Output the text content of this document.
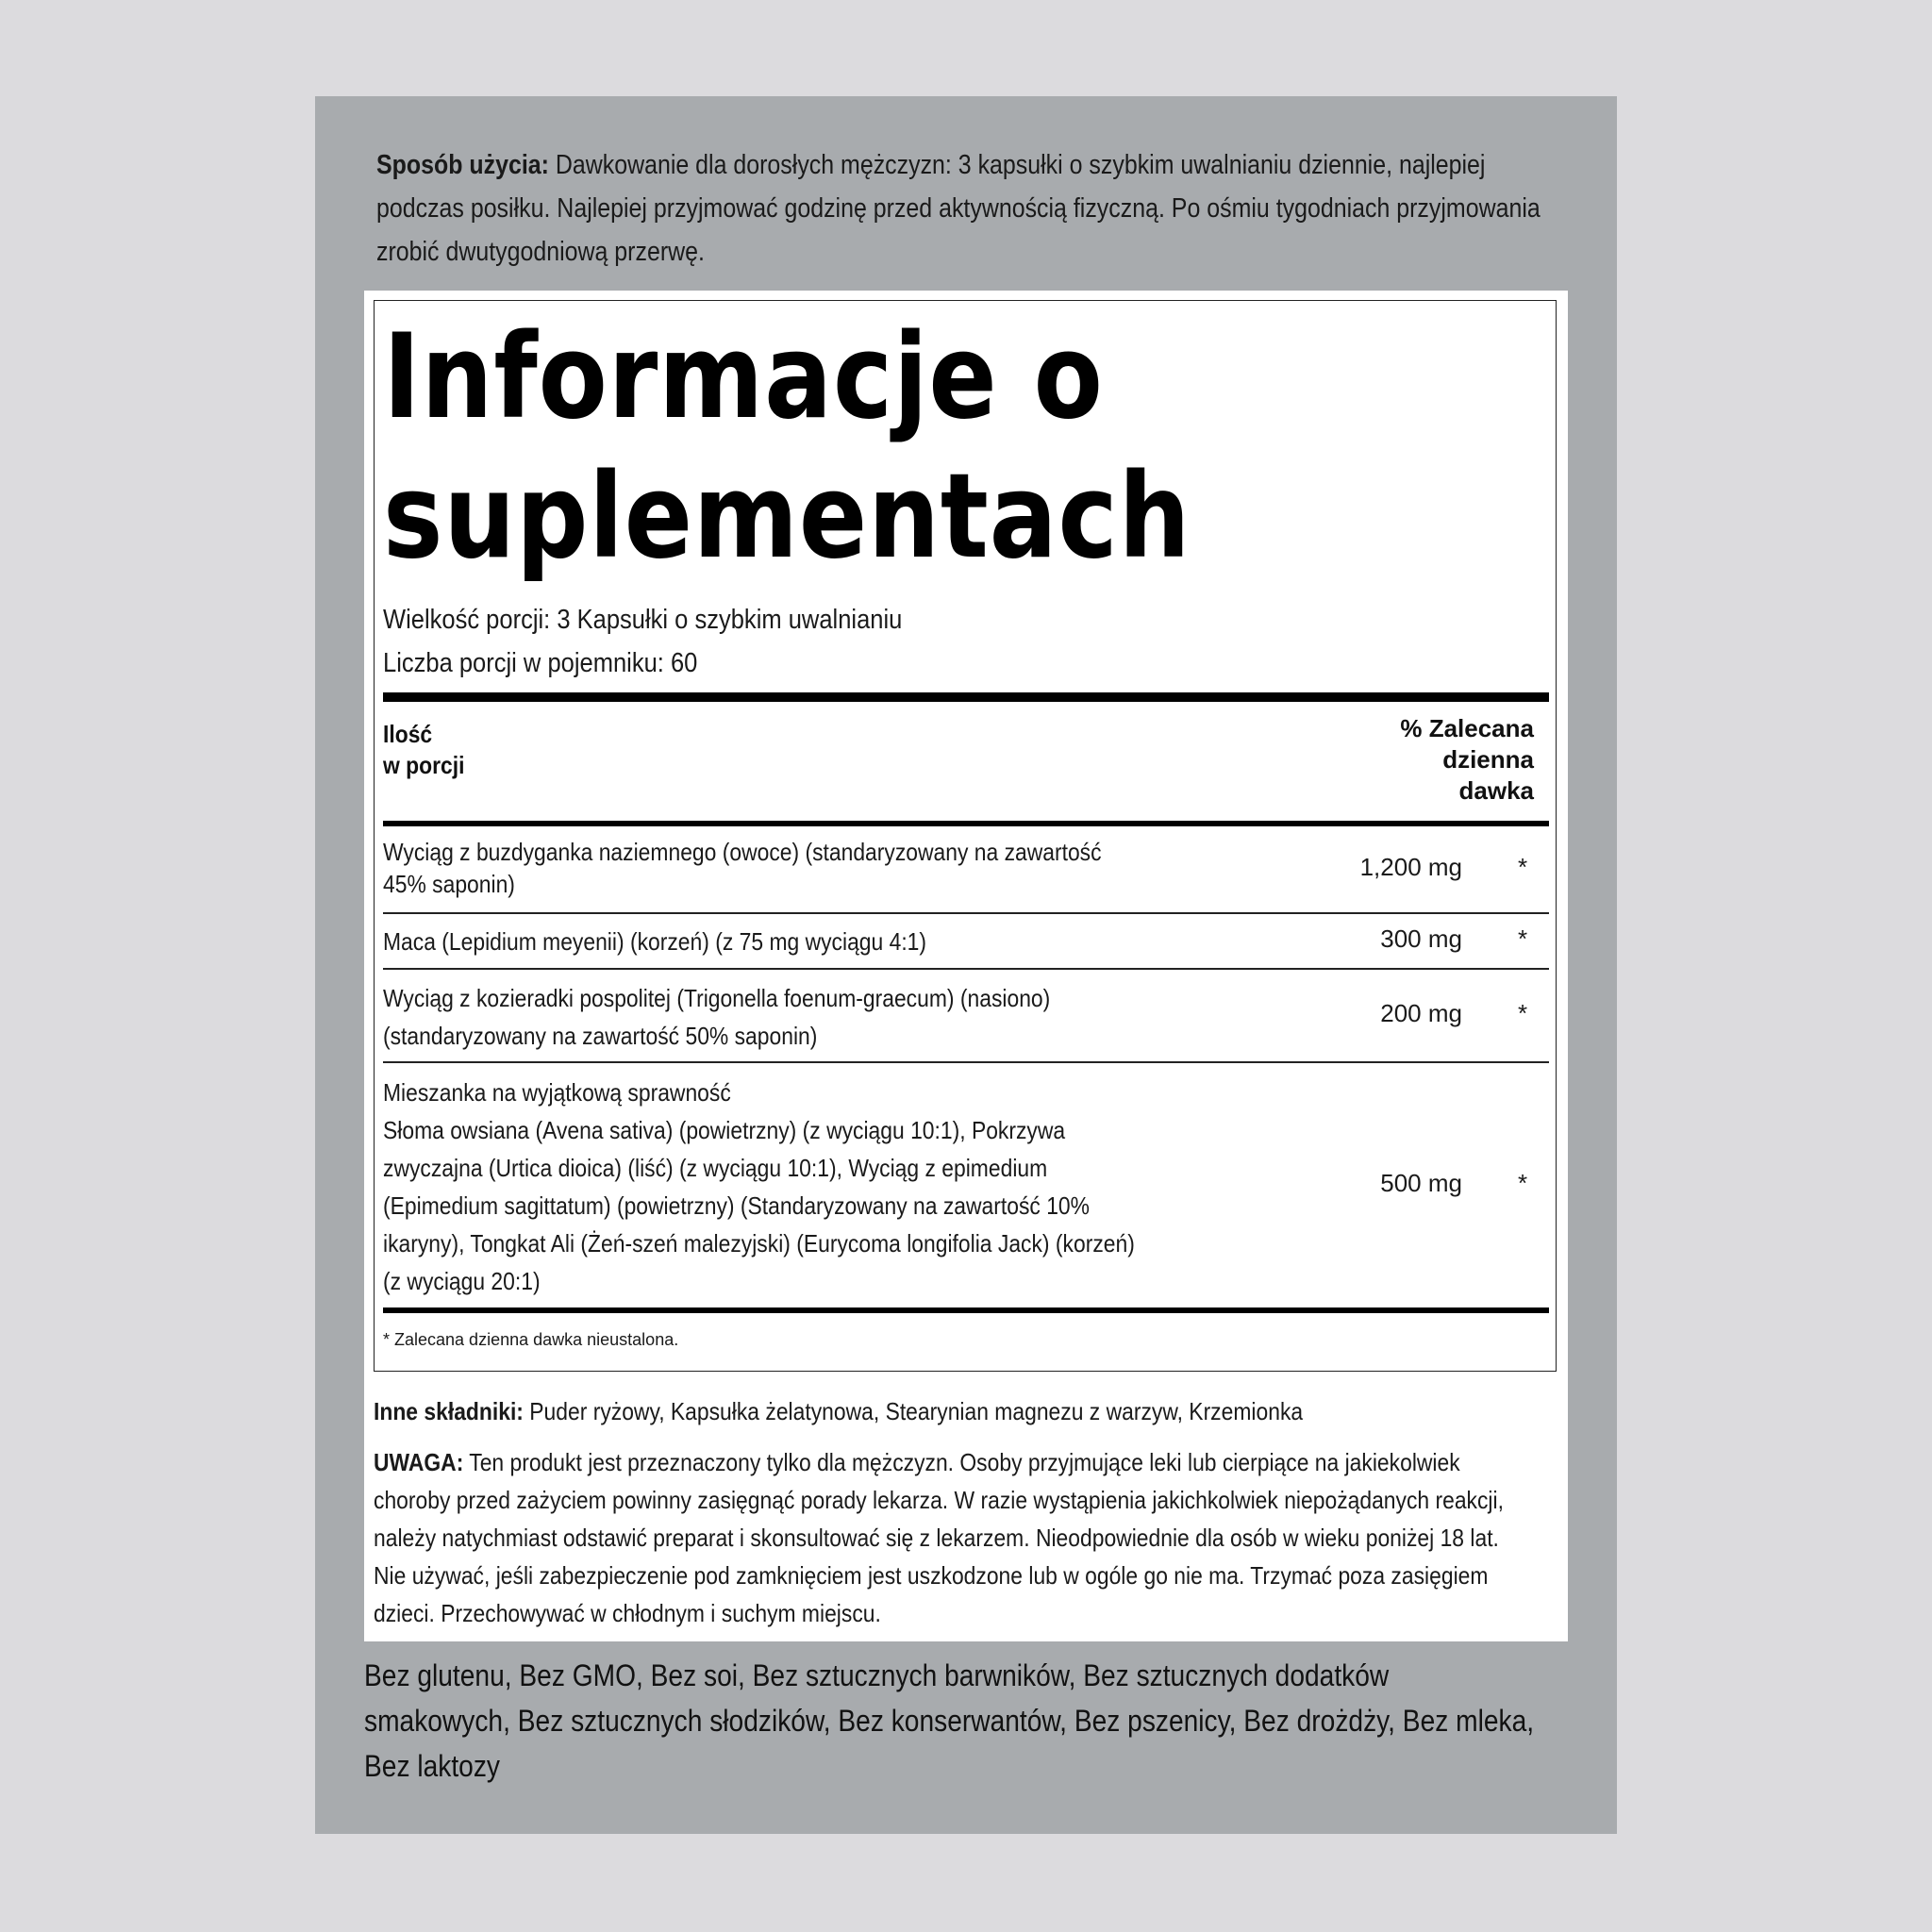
Sposób użycia: Dawkowanie dla dorosłych mężczyzn: 3 kapsułki o szybkim uwalnianiu dziennie, najlepiej podczas posiłku. Najlepiej przyjmować godzinę przed aktywnością fizyczną. Po ośmiu tygodniach przyjmowania zrobić dwutygodniową przerwę.
Informacje o
suplementach
Wielkość porcji: 3 Kapsułki o szybkim uwalnianiu
Liczba porcji w pojemniku: 60
Ilość
w porcji
% Zalecana
dzienna
dawka
Wyciąg z buzdyganka naziemnego (owoce) (standaryzowany na zawartość
45% saponin)
1,200 mg	*
Maca (Lepidium meyenii) (korzeń) (z 75 mg wyciągu 4:1)	300 mg	*
Wyciąg z kozieradki pospolitej (Trigonella foenum-graecum) (nasiono)
(standaryzowany na zawartość 50% saponin)
200 mg	*
Mieszanka na wyjątkową sprawność
Słoma owsiana (Avena sativa) (powietrzny) (z wyciągu 10:1), Pokrzywa
zwyczajna (Urtica dioica) (liść) (z wyciągu 10:1), Wyciąg z epimedium
(Epimedium sagittatum) (powietrzny) (Standaryzowany na zawartość 10%
ikaryny), Tongkat Ali (Żeń-szeń malezyjski) (Eurycoma longifolia Jack) (korzeń)
(z wyciągu 20:1)
500 mg	*
* Zalecana dzienna dawka nieustalona.
Inne składniki: Puder ryżowy, Kapsułka żelatynowa, Stearynian magnezu z warzyw, Krzemionka
UWAGA: Ten produkt jest przeznaczony tylko dla mężczyzn. Osoby przyjmujące leki lub cierpiące na jakiekolwiek
choroby przed zażyciem powinny zasięgnąć porady lekarza. W razie wystąpienia jakichkolwiek niepożądanych reakcji,
należy natychmiast odstawić preparat i skonsultować się z lekarzem. Nieodpowiednie dla osób w wieku poniżej 18 lat.
Nie używać, jeśli zabezpieczenie pod zamknięciem jest uszkodzone lub w ogóle go nie ma. Trzymać poza zasięgiem
dzieci. Przechowywać w chłodnym i suchym miejscu.
Bez glutenu, Bez GMO, Bez soi, Bez sztucznych barwników, Bez sztucznych dodatków
smakowych, Bez sztucznych słodzików, Bez konserwantów, Bez pszenicy, Bez drożdży, Bez mleka,
Bez laktozy
